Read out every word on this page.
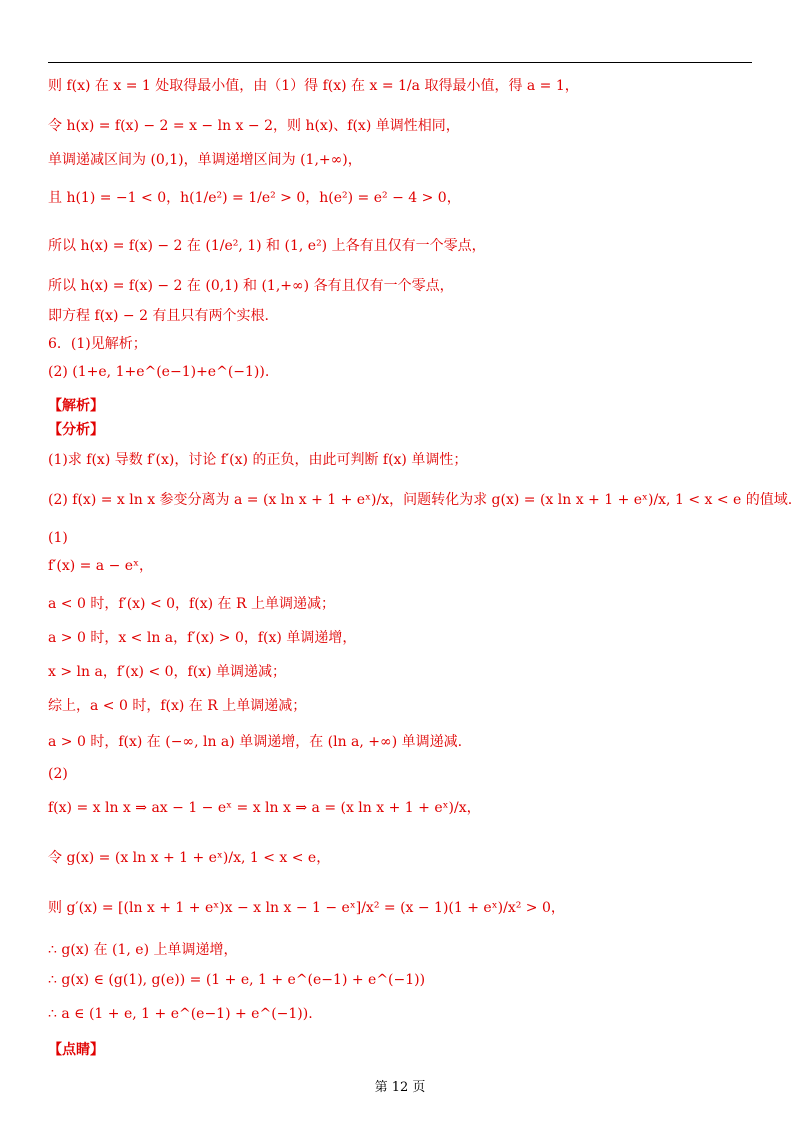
则 f(x) 在 x = 1 处取得最小值，由（1）得 f(x) 在 x = 1/a 取得最小值，得 a = 1，
令 h(x) = f(x) − 2 = x − ln x − 2，则 h(x)、f(x) 单调性相同，
单调递减区间为 (0,1)，单调递增区间为 (1,+∞)，
且 h(1) = −1 < 0，h(1/e²) = 1/e² > 0，h(e²) = e² − 4 > 0，
所以 h(x) = f(x) − 2 在 (1/e², 1) 和 (1, e²) 上各有且仅有一个零点，
所以 h(x) = f(x) − 2 在 (0,1) 和 (1,+∞) 各有且仅有一个零点，
即方程 f(x) − 2 有且只有两个实根.
6．(1)见解析；
(2) (1+e, 1+e^(e−1)+e^(−1)).
【解析】
【分析】
(1)求 f(x) 导数 f′(x)，讨论 f′(x) 的正负，由此可判断 f(x) 单调性；
(2) f(x) = x ln x 参变分离为 a = (x ln x + 1 + eˣ)/x，问题转化为求 g(x) = (x ln x + 1 + eˣ)/x, 1 < x < e 的值域.
(1)
f′(x) = a − eˣ，
a < 0 时，f′(x) < 0，f(x) 在 R 上单调递减；
a > 0 时，x < ln a，f′(x) > 0，f(x) 单调递增，
x > ln a，f′(x) < 0，f(x) 单调递减；
综上，a < 0 时，f(x) 在 R 上单调递减；
a > 0 时，f(x) 在 (−∞, ln a) 单调递增，在 (ln a, +∞) 单调递减.
(2)
f(x) = x ln x ⇒ ax − 1 − eˣ = x ln x ⇒ a = (x ln x + 1 + eˣ)/x，
令 g(x) = (x ln x + 1 + eˣ)/x, 1 < x < e，
则 g′(x) = [(ln x + 1 + eˣ)x − x ln x − 1 − eˣ]/x² = (x − 1)(1 + eˣ)/x² > 0，
∴ g(x) 在 (1, e) 上单调递增，
∴ g(x) ∈ (g(1), g(e)) = (1 + e, 1 + e^(e−1) + e^(−1))
∴ a ∈ (1 + e, 1 + e^(e−1) + e^(−1)).
【点睛】
第 12 页
